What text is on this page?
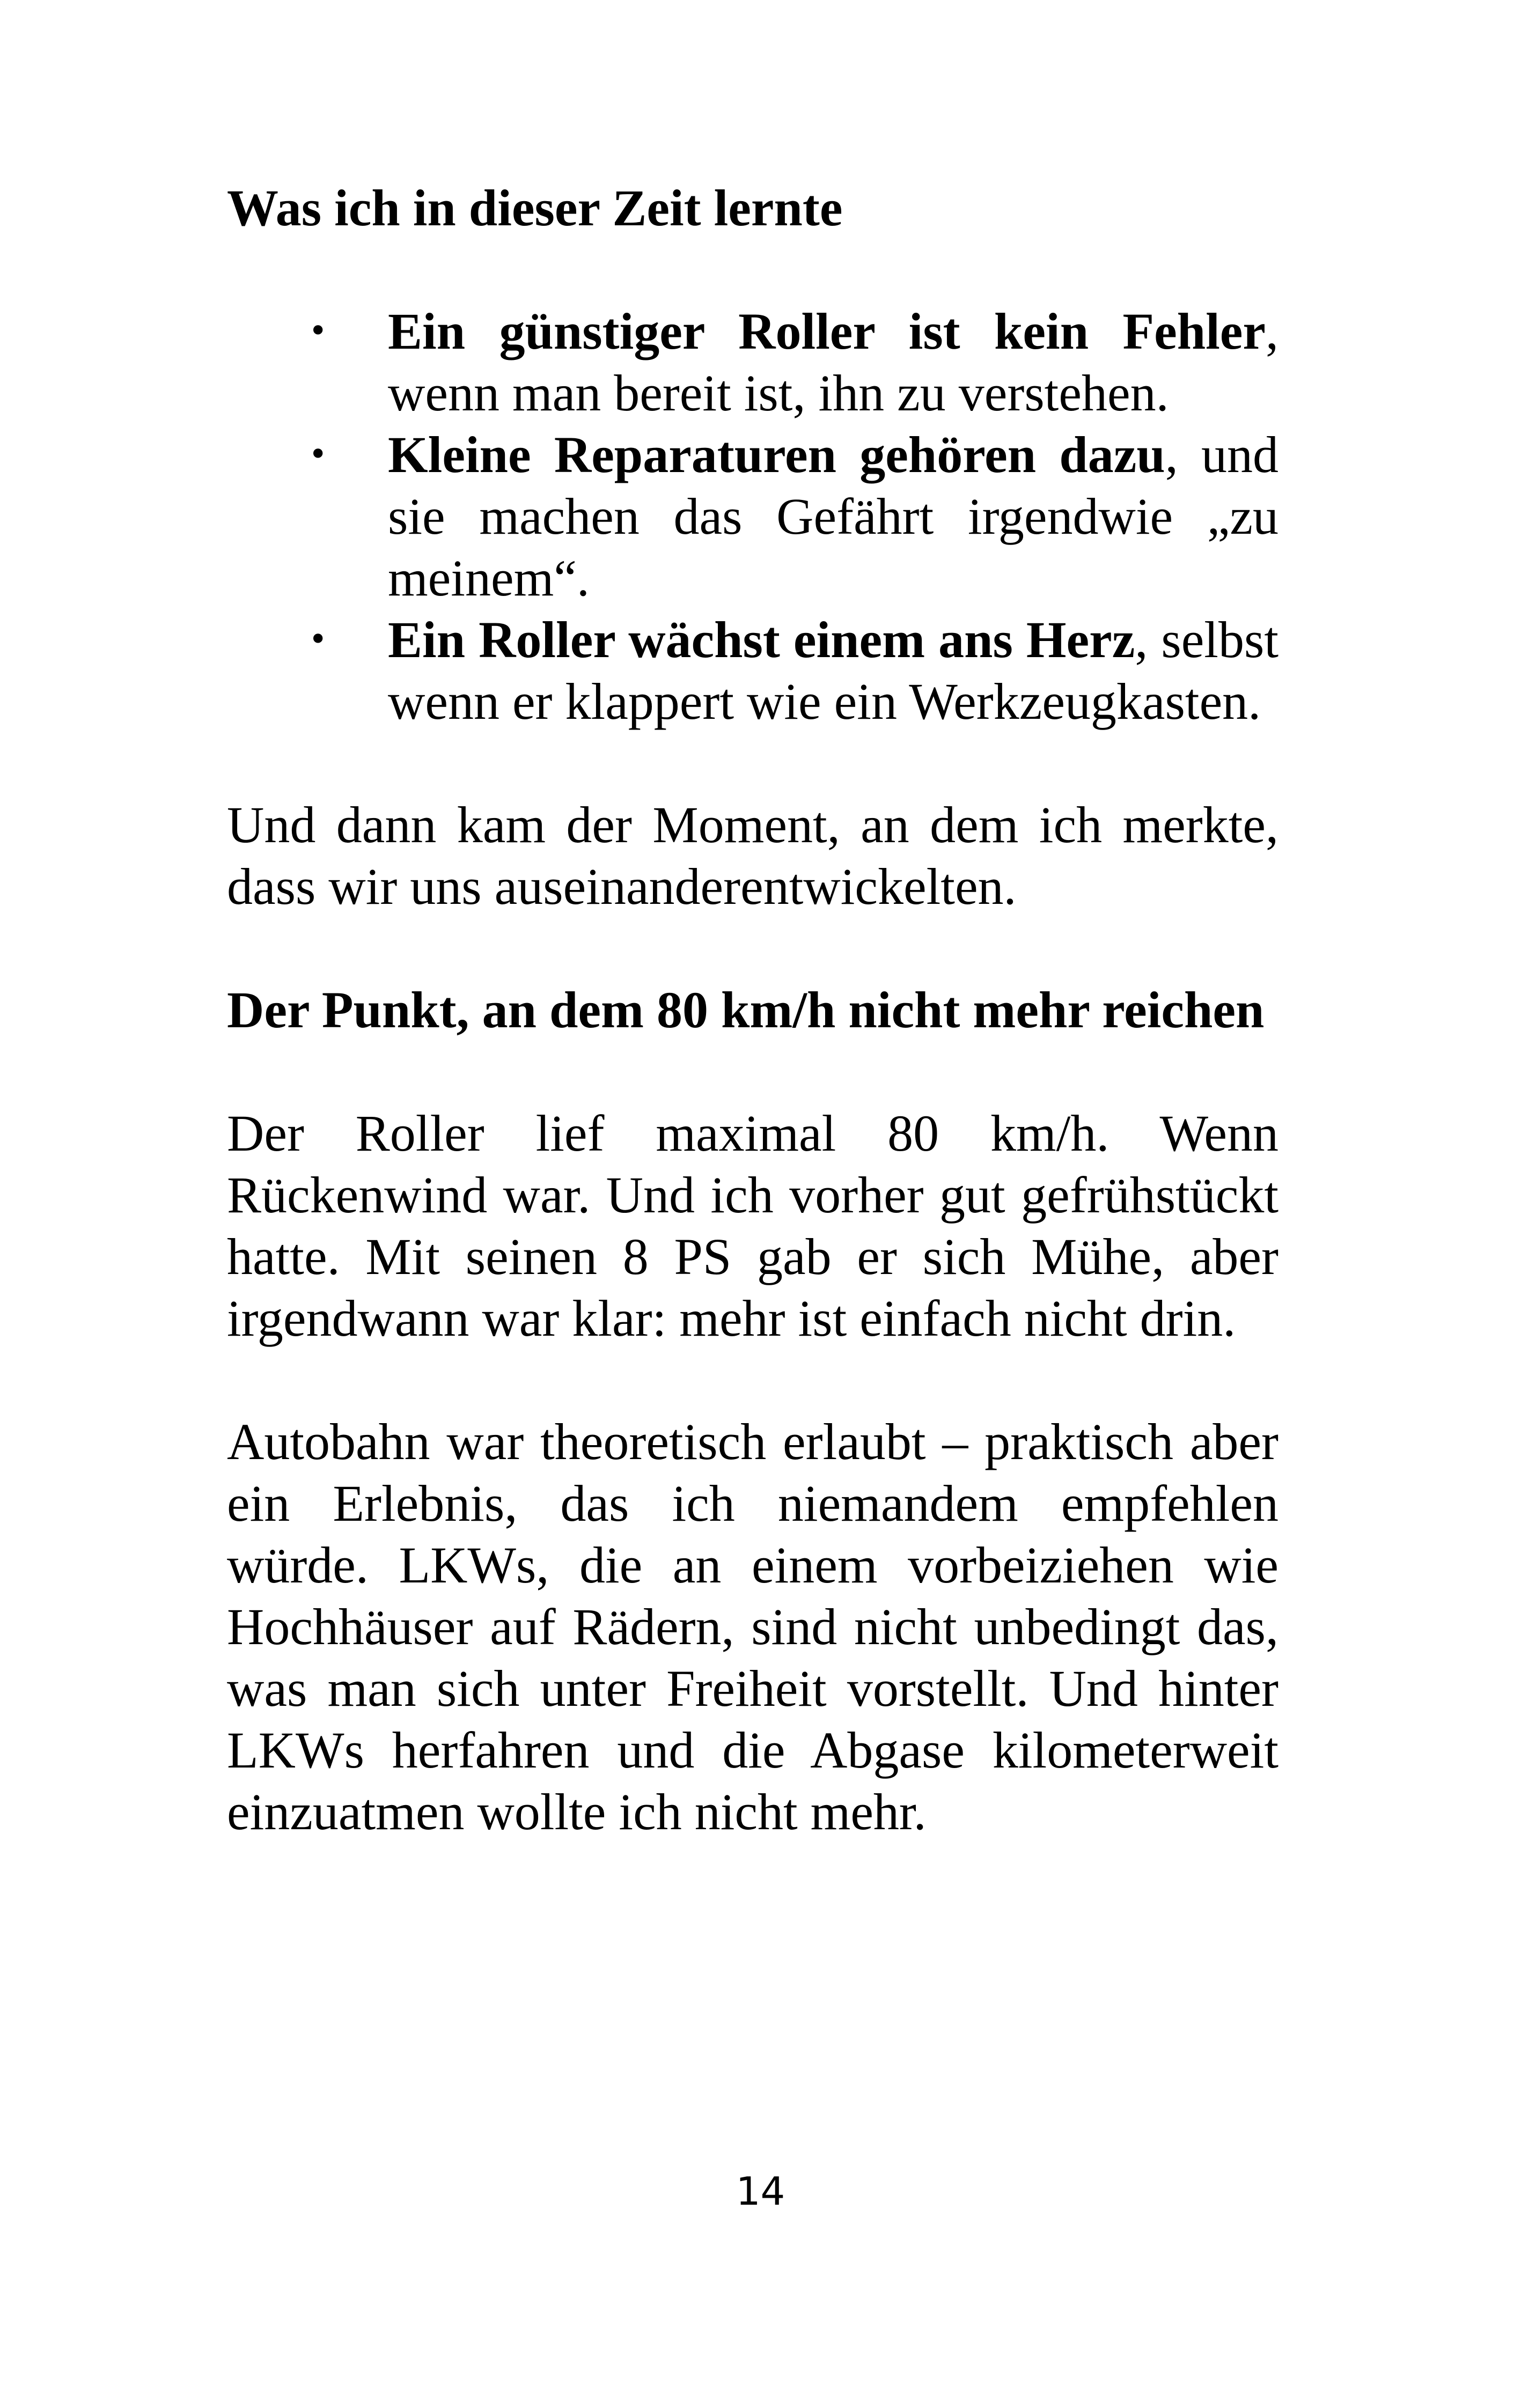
Was ich in dieser Zeit lernte

• Ein günstiger Roller ist kein Fehler, wenn man bereit ist, ihn zu verstehen.
• Kleine Reparaturen gehören dazu, und sie machen das Gefährt irgendwie „zu meinem“.
• Ein Roller wächst einem ans Herz, selbst wenn er klappert wie ein Werkzeugkasten.

Und dann kam der Moment, an dem ich merkte, dass wir uns auseinanderentwickelten.

Der Punkt, an dem 80 km/h nicht mehr reichen

Der Roller lief maximal 80 km/h. Wenn Rückenwind war. Und ich vorher gut gefrühstückt hatte. Mit seinen 8 PS gab er sich Mühe, aber irgendwann war klar: mehr ist einfach nicht drin.

Autobahn war theoretisch erlaubt – praktisch aber ein Erlebnis, das ich niemandem empfehlen würde. LKWs, die an einem vorbeiziehen wie Hochhäuser auf Rädern, sind nicht unbedingt das, was man sich unter Freiheit vorstellt. Und hinter LKWs herfahren und die Abgase kilometerweit einzuatmen wollte ich nicht mehr.

14
